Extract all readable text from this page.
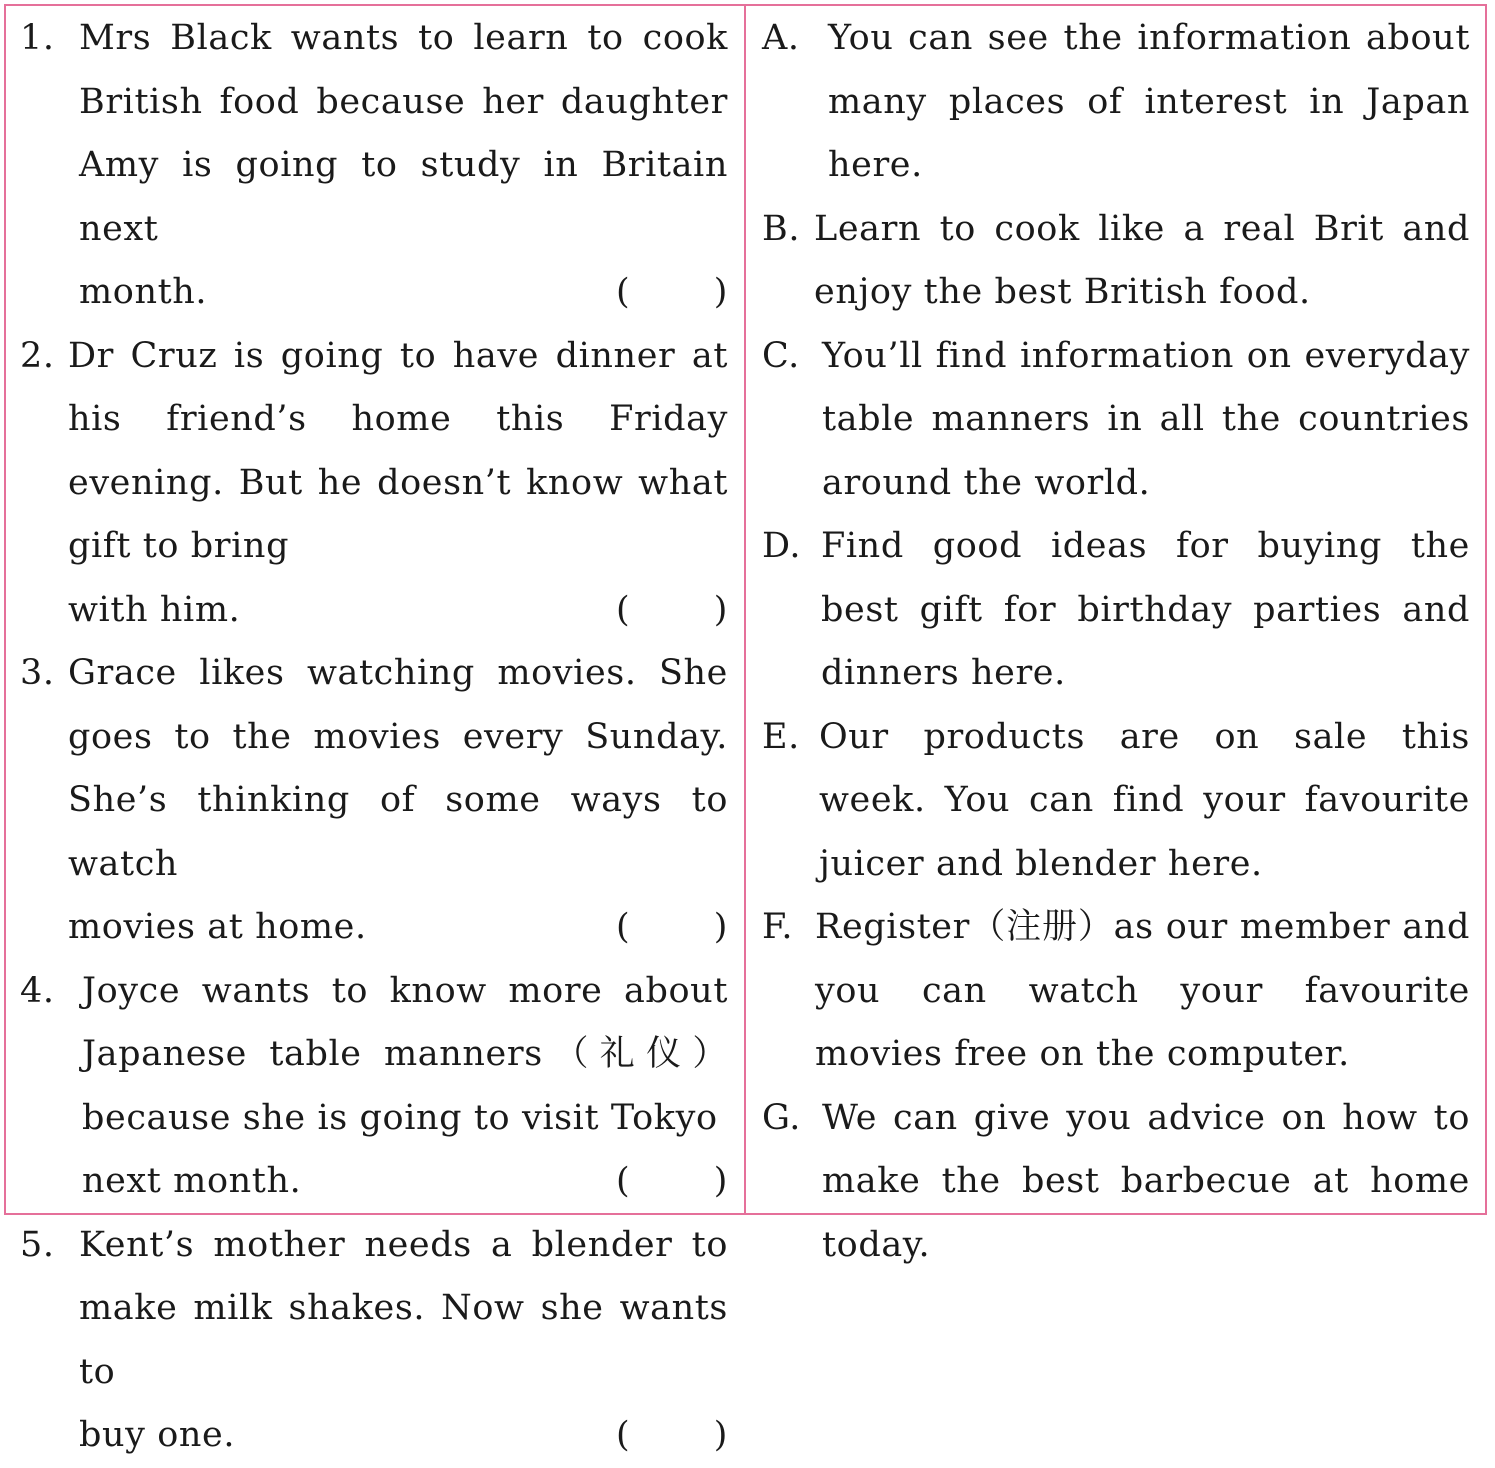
1. Mrs Black wants to learn to cook British food because her daughter Amy is going to study in Britain next
month.	( )
2. Dr Cruz is going to have dinner at his friend’s home this Friday evening. But he doesn’t know what gift to bring
with him.	( )
3. Grace likes watching movies. She goes to the movies every Sunday. She’s thinking of some ways to watch
movies at home.	( )
4. Joyce wants to know more about Japanese table manners（礼仪）because she is going to visit Tokyo
next month.	( )
5. Kent’s mother needs a blender to make milk shakes. Now she wants to
buy one.	( )
A. You can see the information about many places of interest in Japan here.
B. Learn to cook like a real Brit and enjoy the best British food.
C. You’ll find information on everyday table manners in all the countries around the world.
D. Find good ideas for buying the best gift for birthday parties and dinners here.
E. Our products are on sale this week. You can find your favourite juicer and blender here.
F. Register（注册）as our member and you can watch your favourite movies free on the computer.
G. We can give you advice on how to make the best barbecue at home today.
